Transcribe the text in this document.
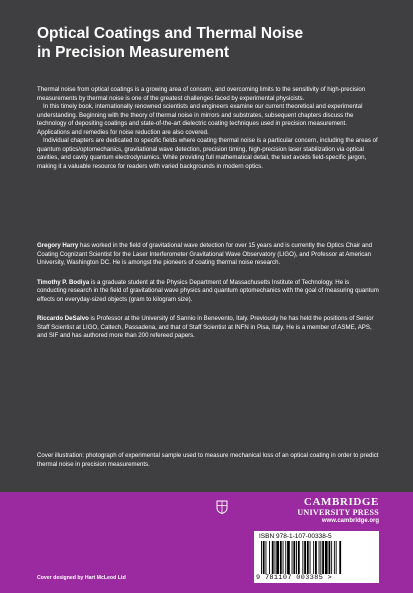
Optical Coatings and Thermal Noise
in Precision Measurement

Thermal noise from optical coatings is a growing area of concern, and overcoming limits to the sensitivity of high-precision measurements by thermal noise is one of the greatest challenges faced by experimental physicists.

In this timely book, internationally renowned scientists and engineers examine our current theoretical and experimental understanding. Beginning with the theory of thermal noise in mirrors and substrates, subsequent chapters discuss the technology of depositing coatings and state-of-the-art dielectric coating techniques used in precision measurement. Applications and remedies for noise reduction are also covered.

Individual chapters are dedicated to specific fields where coating thermal noise is a particular concern, including the areas of quantum optics/optomechanics, gravitational wave detection, precision timing, high-precision laser stabilization via optical cavities, and cavity quantum electrodynamics. While providing full mathematical detail, the text avoids field-specific jargon, making it a valuable resource for readers with varied backgrounds in modern optics.

Gregory Harry has worked in the field of gravitational wave detection for over 15 years and is currently the Optics Chair and Coating Cognizant Scientist for the Laser Interferometer Gravitational Wave Observatory (LIGO), and Professor at American University, Washington DC. He is amongst the pioneers of coating thermal noise research.

Timothy P. Bodiya is a graduate student at the Physics Department of Massachusetts Institute of Technology. He is conducting research in the field of gravitational wave physics and quantum optomechanics with the goal of measuring quantum effects on everyday-sized objects (gram to kilogram size).

Riccardo DeSalvo is Professor at the University of Sannio in Benevento, Italy. Previously he has held the positions of Senior Staff Scientist at LIGO, Caltech, Passadena, and that of Staff Scientist at INFN in Pisa, Italy. He is a member of ASME, APS, and SIF and has authored more than 200 refereed papers.

Cover illustration: photograph of experimental sample used to measure mechanical loss of an optical coating in order to predict thermal noise in precision measurements.

CAMBRIDGE
UNIVERSITY PRESS
www.cambridge.org
ISBN 978-1-107-00338-5
9 781107 003385 >
Cover designed by Hart McLeod Ltd
